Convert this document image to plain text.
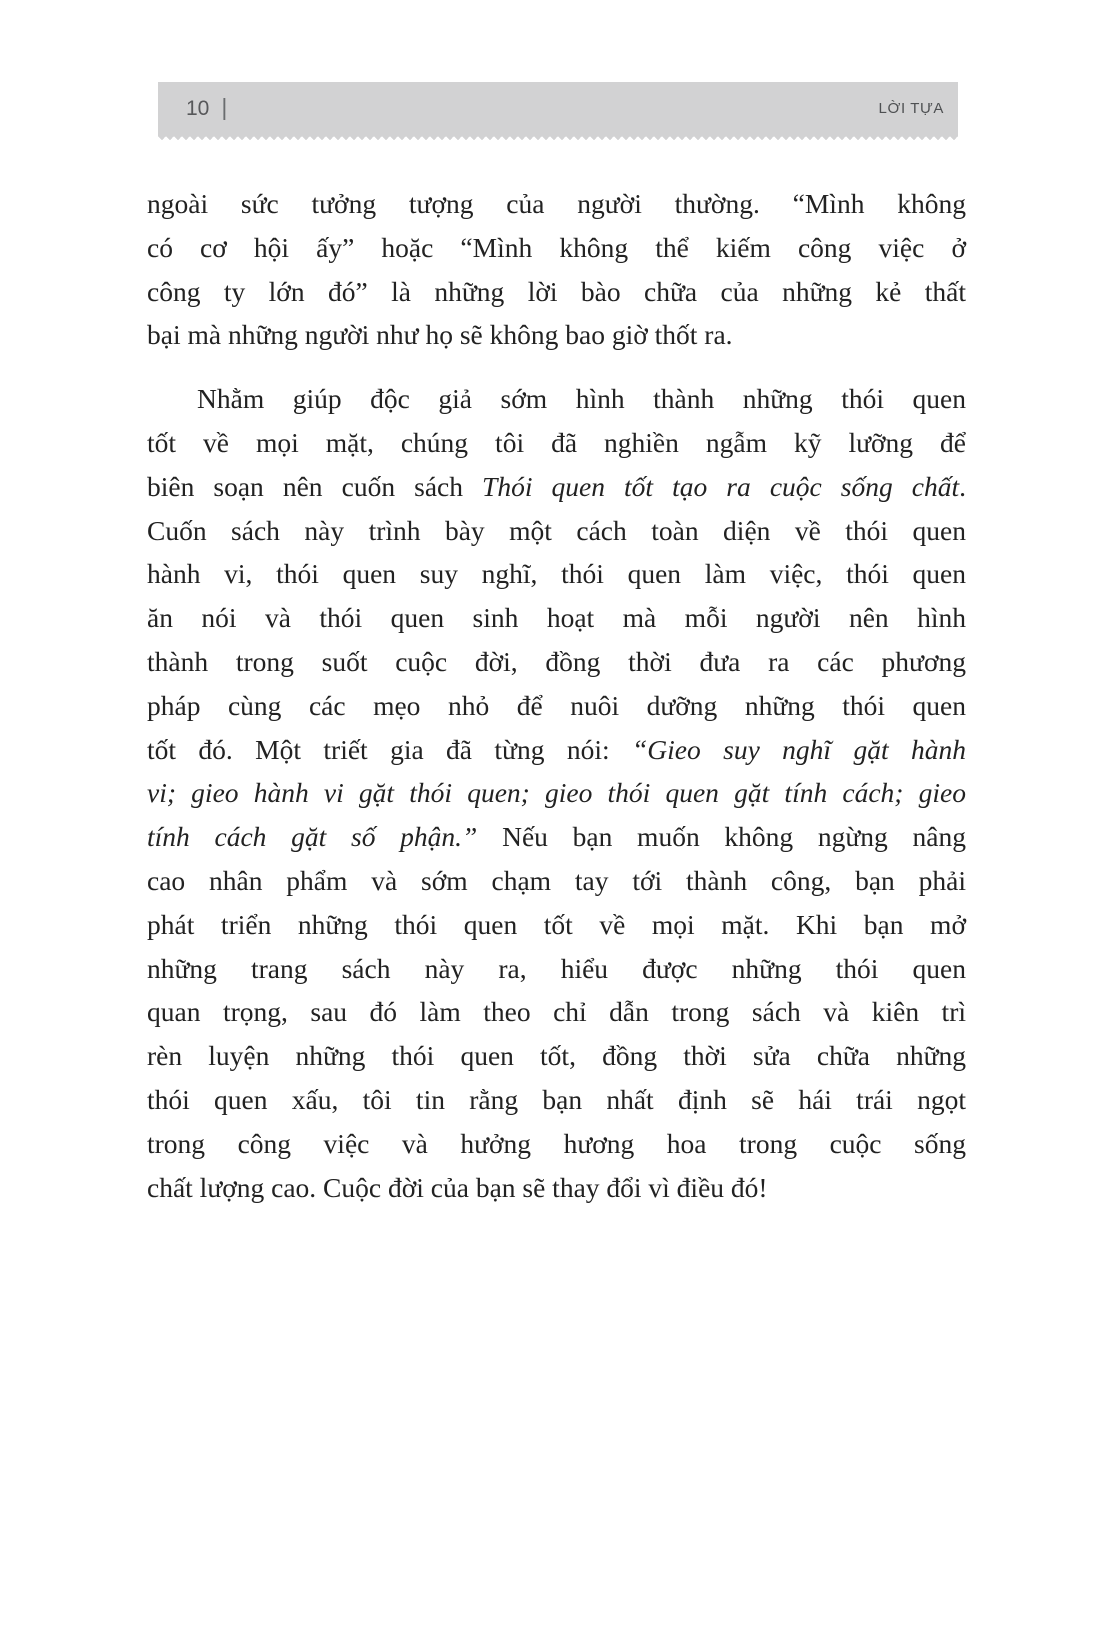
10 |	LỜI TỰA
ngoài sức tưởng tượng của người thường. “Mình không
có cơ hội ấy” hoặc “Mình không thể kiếm công việc ở
công ty lớn đó” là những lời bào chữa của những kẻ thất
bại mà những người như họ sẽ không bao giờ thốt ra.
Nhằm giúp độc giả sớm hình thành những thói quen
tốt về mọi mặt, chúng tôi đã nghiền ngẫm kỹ lưỡng để
biên soạn nên cuốn sách Thói quen tốt tạo ra cuộc sống chất.
Cuốn sách này trình bày một cách toàn diện về thói quen
hành vi, thói quen suy nghĩ, thói quen làm việc, thói quen
ăn nói và thói quen sinh hoạt mà mỗi người nên hình
thành trong suốt cuộc đời, đồng thời đưa ra các phương
pháp cùng các mẹo nhỏ để nuôi dưỡng những thói quen
tốt đó. Một triết gia đã từng nói: “Gieo suy nghĩ gặt hành
vi; gieo hành vi gặt thói quen; gieo thói quen gặt tính cách; gieo
tính cách gặt số phận.” Nếu bạn muốn không ngừng nâng
cao nhân phẩm và sớm chạm tay tới thành công, bạn phải
phát triển những thói quen tốt về mọi mặt. Khi bạn mở
những trang sách này ra, hiểu được những thói quen
quan trọng, sau đó làm theo chỉ dẫn trong sách và kiên trì
rèn luyện những thói quen tốt, đồng thời sửa chữa những
thói quen xấu, tôi tin rằng bạn nhất định sẽ hái trái ngọt
trong công việc và hưởng hương hoa trong cuộc sống
chất lượng cao. Cuộc đời của bạn sẽ thay đổi vì điều đó!
